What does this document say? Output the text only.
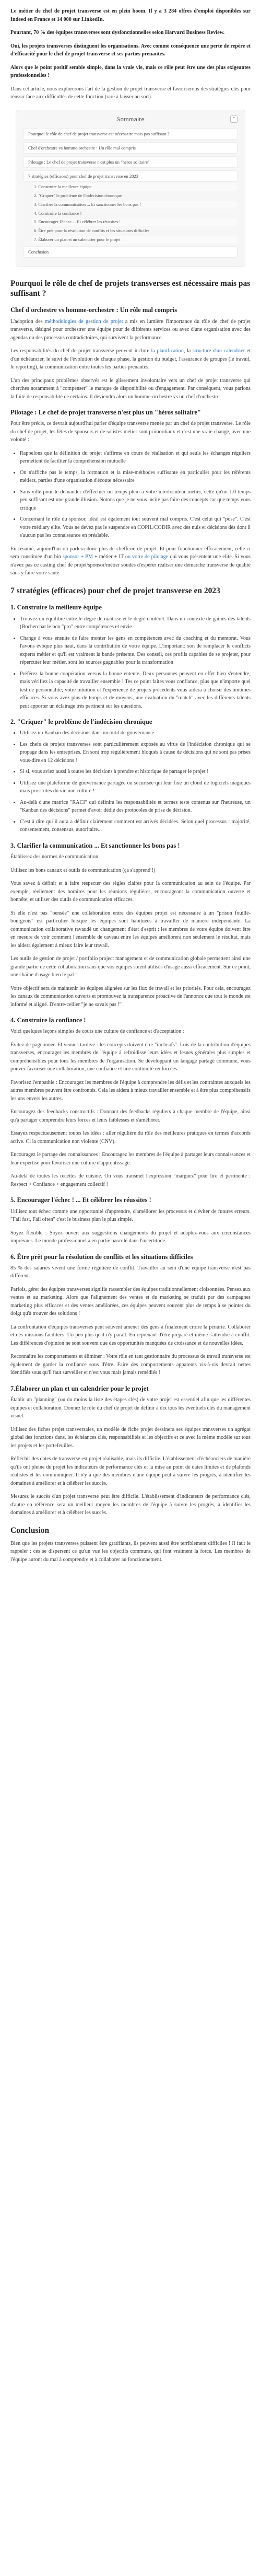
Le métier de chef de projet transverse est en plein boom. Il y a 3 284 offres d'emploi disponibles sur Indeed en France et 14 000 sur LinkedIn.

Pourtant, 70 % des équipes transverses sont dysfonctionnelles selon Harvard Business Review.

Oui, les projets transverses distinguent les organisations. Avec comme conséquence une perte de repère et d'efficacité pour le chef de projet transverse et ses parties prenantes.

Alors que le point positif semble simple, dans la vraie vie, mais ce rôle peut être une des plus exigeantes professionnelles !

Dans cet article, nous explorerons l'art de la gestion de projet transverse et favoriserons des stratégies clés pour réussir face aux difficultés de cette fonction (rare à laisser au sort).

Sommaire	⌃
Pourquoi le rôle de chef de projet transverse est nécessaire mais pas suffisant ?
Chef d'orchestre vs homme-orchestre : Un rôle mal compris
Pilotage : Le chef de projet transverse n'est plus un "héros solitaire"
7 stratégies (efficaces) pour chef de projet transverse en 2023
1. Construire la meilleure équipe
2. "Criquer" le problème de l'indécision chronique
3. Clarifier la communication ... Et sanctionner les bons pas !
4. Construire la confiance !
5. Encourager l'échec ... Et célébrer les réussites !
6. Être prêt pour la résolution de conflits et les situations difficiles
7. Élaborer un plan et un calendrier pour le projet
Conclusion
Pourquoi le rôle de chef de projets transverses est nécessaire mais pas suffisant ?
Chef d'orchestre vs homme-orchestre : Un rôle mal compris

L'adoption des méthodologies de gestion de projet a mis en lumière l'importance du rôle de chef de projet transverse, désigné pour orchestrer une équipe pour de différents services ou avec d'une organisation avec des agendas ou des processus contradictoires, qui survivent la performance.

Les responsabilités du chef de projet transverse peuvent inclure la planification, la structure d'un calendrier et d'un échéancier, le suivi de l'évolution de chaque phase, la gestion du budget, l'assurance de groupes (le travail, le reporting), la communication entre toutes les parties prenantes.

L'un des principaux problèmes observés est le glissement involontaire vers un chef de projet transverse qui cherches notamment à "compenser" le manque de disponibilité ou d'engagement. Par conséquent, vous parlons la fuite de responsabilité de certains. Il deviendra alors un homme-orchestre vs un chef d'orchestre.

Pilotage : Le chef de projet transverse n'est plus un "héros solitaire"

Pour être précis, ce devrait aujourd'hui parler d'équipe transverse menée par un chef de projet transverse. Le rôle du chef de projet, les fêtes de sponsors et de solistes métier sont primordiaux et c'est une vraie change, avec une volonté :

• Rappelons que la définition du projet s'affirme en cours de réalisation et qui seuls les échanges réguliers permettent de faciliter la compréhension mutuelle
• On n'affiche pas le temps, la formation et la mise-méthodes suffisante en particulier pour les référents métiers, parties d'une organisation d'écoute nécessaire
• Sans ville pour le demander d'effectuer un temps plein à votre interlocuteur métier, cette qu'un 1.0 temps peu suffisant est une grande illusion. Notons que je ne vous incite pas faire des concepts car que temps vous critique
• Concernant le rôle du sponsor, idéal est également tout souvent mal compris. C'est celui qui "pose". C'est votre médiary elite. Vous ne devez pas le suspendre en COPIL/CODIR avec des nuis et décisions dès dont il s'aucun pas les connaissance en préalable.

En résumé, aujourd'hui on parlera donc plus de chefferie de projet. Et pour fonctionner efficacement, celle-ci sera constituée d'un bin sponsor + PM + métier + IT ou votre de pilotage qui vous présentent une elite. Si vous n'avez pas ce casting chef de projet/sponsor/métier soudés d'espérer réaliser une démarche transverse de qualité sans y faire votre santé.

7 stratégies (efficaces) pour chef de projet transverse en 2023
1. Construire la meilleure équipe
• Trouvez un équilibre entre le degré de maîtrise et le degré d'intérêt. Dans un contexte de gaines des talents (Bocherchat le bon "pro" entre compétences et envie
• Change à vous ensuite de faire monter les gens en compétences avec du coaching et du mentorat. Vous l'avons évoqué plus haut, dans la contribution de votre équipe. L'important: son de remplacer le conflicts experts métier et qu'il est vraiment la bande présente. Des conseil, ces profils capables de se projeter, pour répercuter leur métier, sont les sources gagnables pour la transformation
• Préférez la bonne coopération versus la bonne entente. Deux personnes peuvent en effet bien s'entendre, mais vérifiez la capacité de travailler ensemble ! Tes ce point faites vous confiance, plus que n'importe quel test de personnalité; votre intuition et l'expérience de projets précédents vous aidera à choisir des binômes efficaces. Si vous avez plus de temps et de moyens, une évaluation du "match" avec les différents talents peut apporter un éclairage très pertinent sur les questions.
2. "Criquer" le problème de l'indécision chronique
• Utilisez un Kanban des décisions dans un outil de gouvernance
• Les chefs de projets transverses sont particulièrement exposés au virus de l'indécision chronique qui se propage dans les entreprises. En sont trop régulièrement bloqués à cause de décisions qui ne sont pas prises vous-dire en 12 décisions !
• Si si, vous aviez aussi à toutes les décisions à prendre et historique de partager le projet !
• Utilisez une plateforme de gouvernance partagée ou sécurisée qui leur fixe un cloud de logiciels magiques mais proscrites du vie une culture !
• Au-delà d'une matrice "RACI" qui définira les responsabilités et termes teste contenus sur l'heureuse, un "Kanban des décisions" permet d'avoir dédié des protocoles de prise de décision.
• C'est à dire qui il aura a définir clairement comment est arrivés décidées. Selon quel processus : majorité, consentement, consensus, autoritaire...
3. Clarifier la communication ... Et sanctionner les bons pas !

Établissez des normes de communication

Utilisez les bons canaux et outils de communication (ça s'apprend !)

Vous savez à définir et à faire respecter des règles claires pour la communication au sein de l'équipe. Par exemple, réellement des horaires pour les réunions régulières, encourageant la communication ouverte et honnête, et utiliser des outils de communication efficaces.

Si elle n'est pas "pensée" une collaboration entre des équipes projet est nécessaire à un "prison fouillé-bourgeois" est particulier lorsque les équipes sont habituées à travailler de manière indépendante. La communication collaborative ravaudé un changement d'état d'esprit : les membres de votre équipe doivent être en mesure de voir comment l'ensemble de caveau entre les équipes améliorera non seulement le résultat, mais les aidera également à mieux faire leur travail.

Les outils de gestion de projet / portfolio project management et de communication globale permettent ainsi une grande partie de cette collaboration sans que vos équipes soient utilisés d'usage aussi efficacement. Sur ce point, une chaîne d'usage bien le pal !

Votre objectif sera de maintenir les équipes alignées sur les flux de travail et les priorités. Pour cela, encouragez les canaux de communication ouverts et promouvez la transparence proactive de l'annonce que tout le monde est informé et aligné. D'entre-cellier "je ne savais pas !"

4. Construire la confiance !

Voici quelques leçons simples de cours une culture de confiance et d'acceptation :

Évitez de pagnonner. El venues tardive : les concepts doivent être "inclusifs". Lois de la contribution d'équipes transverses, encourager les membres de l'équipe à refroidisse leurs idées et lesnes générales plus simples et compréhensibles pour tous les membres de l'organisation. Se développant un langage partagé commune, vous pouvez favoriser une collaboration, une confiance et une continuité renforcées.

Favorisez l'empathie : Encouragez les membres de l'équipe à comprendre les défis et les contraintes auxquels les autres membres peuvent être confrontés. Cela les aidera à mieux travailler ensemble et à être plus compréhensifs les uns envers les autres.

Encouragez des feedbacks constructifs : Donnant des feedbacks réguliers à chaque membre de l'équipe, ainsi qu'à partager comprendre leurs forces et leurs faiblesses et s'améliorer.

Essayez respectueusement toutes les idées : aller régulière du rôle des meilleures pratiques en termes d'accords active. Cl la communication non violente (CNV).

Encouragez le partage des connaissances : Encouragez les membres de l'équipe à partager leurs connaissances et leur expertise pour favoriser une culture d'apprentissage.

Au-delà de toutes les recettes de cuisine. On vous transmet l'expression "marguez" pour lire et pertinente : Respect > Confiance > engagement collectif !

5. Encourager l'échec ! ... Et célébrer les réussites !

Utilisez tout échec comme une opportunité d'apprendre, d'améliorer les processus et d'éviter de futures erreurs. "Fail fast, Fail often" c'est le business plan le plus simple.

Soyez flexible : Soyez ouvert aux suggestions changements du projet et adaptez-vous aux circonstances imprévues. Le monde professionnel a en partie basculé dans l'incertitude.

6. Être prêt pour la résolution de conflits et les situations difficiles

85 % des salariés vivent une forme régulière de conflit. Travailler au sein d'une équipe transverse n'est pas différent.

Parfois, gérer des équipes transverses signifie rassembler des équipes traditionnellement cloisonnées. Pensez aux ventes et au marketing. Alors que l'alignement des ventes et du marketing se traduit par des campagnes marketing plus efficaces et des ventes améliorées, ces équipes peuvent souvent plus de temps à se pointer du doigt qu'à trouver des solutions !

La confrontation d'équipes transverses peut souvent amener des gens à finalement croire la pénurie. Collaborer et des missions facilitées. Un peu plus qu'il n'y paraît. En reprenant d'être préparé et même s'attendre à conflit. Les différences d'opinion ne sont souvent que des opportunités manquées de croissance et de nouvelles idées.

Reconnaître les comportements et éliminer : Votre rôle en tant gestionnaire du processus de travail transverse est également de garder la confiance sous d'être. Faire des comportements apparents vis-à-vis devrait nettes identifiés sous qu'il faut surveiller et n'est vous mais jamais remédiés !

7.Élaborer un plan et un calendrier pour le projet

Établir un "planning" (ou du moins la liste des étapes clés) de votre projet est essentiel afin que les différentes équipes et collaboration. Donnez le rôle du chef de projet de définir à dix tous les éventuels clés du management visuel.

Utilisez des fiches projet transversales, un modèle de fiche projet dessinera ses équipes transverses un agrégat global des fonctions dans, les échéances clés, responsabilités et les objectifs et ce avec la même modèle sur tous les projets et les portefeuilles.

Réfléchir des dates de transverse est projet réalisable, mais ils difficile. L'établissement d'échéanciers de manière qu'ils ont pleine du projet les indicateurs de performance clés et la mise au point de dates limites et de plafonds réalistes et les communiquer. Il n'y a que des membres d'une équipe peut à suivre les progrès, à identifier les domaines à améliorer et à célébrer les succès.

Mesurez le succès d'un projet transverse peut être difficile. L'établissement d'indicateurs de performance clés, d'autre en référence sera un meilleur moyen les membres de l'équipe à suivre les progrès, à identifier les domaines à améliorer et à célébrer les succès.

Conclusion

Bien que les projets transverses puissent être gratifiants, ils peuvent aussi être terriblement difficiles ! Il faut le rappeler : ces se dispersent ce qu'un vue les objectifs communs, qui font vraiment la force. Les membres de l'équipe auront du mal à comprendre et à collaborer au fonctionnement.
